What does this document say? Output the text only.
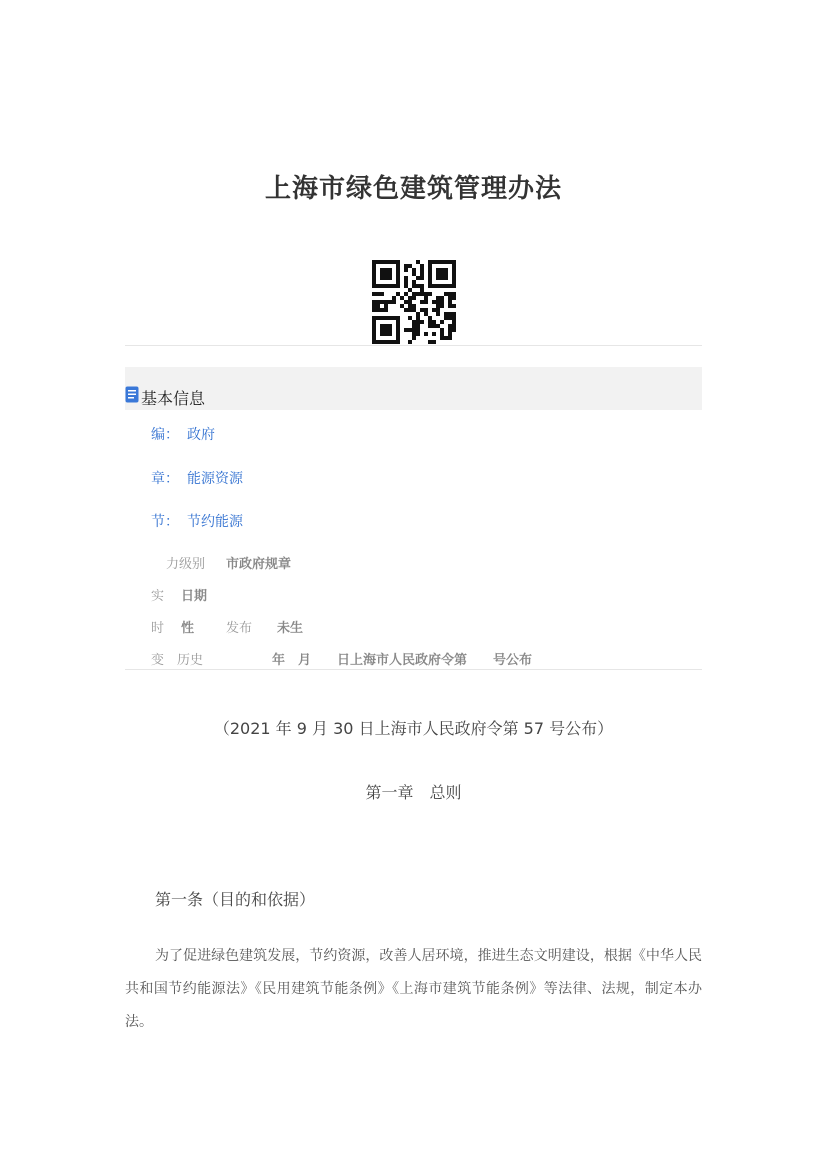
上海市绿色建筑管理办法
基本信息
编： 政府
章： 能源资源
节： 节约能源
力级别 市政府规章
实 日期
时 性 发布 未生
变　历史	年　月　　日上海市人民政府令第　　号公布
（2021 年 9 月 30 日上海市人民政府令第 57 号公布）
第一章　总则
第一条（目的和依据）
为了促进绿色建筑发展，节约资源，改善人居环境，推进生态文明建设，根据《中华人民共和国节约能源法》《民用建筑节能条例》《上海市建筑节能条例》等法律、法规，制定本办法。
